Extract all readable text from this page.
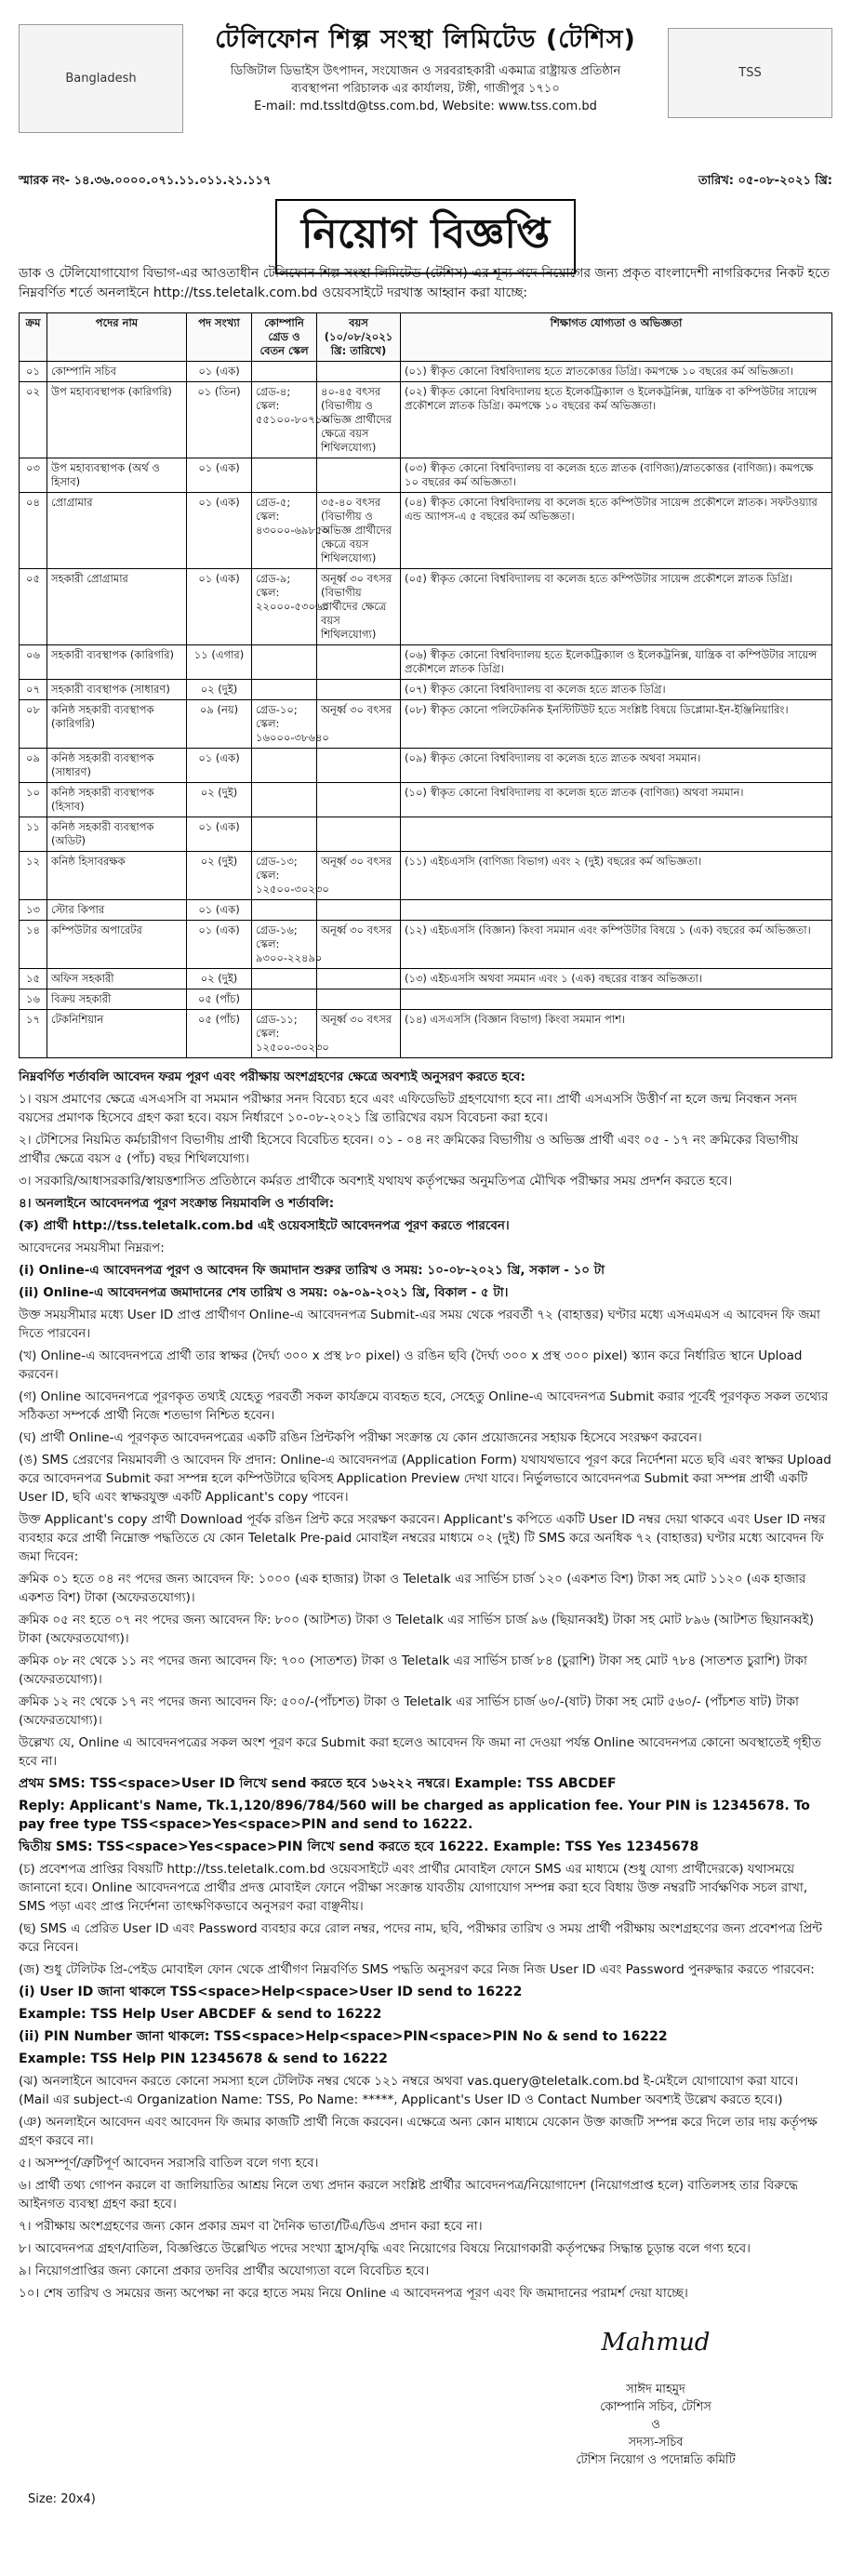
Bangladesh
টেলিফোন শিল্প সংস্থা লিমিটেড (টেশিস)
ডিজিটাল ডিভাইস উৎপাদন, সংযোজন ও সরবরাহকারী একমাত্র রাষ্ট্রায়ত্ত প্রতিষ্ঠান
ব্যবস্থাপনা পরিচালক এর কার্যালয়, টঙ্গী, গাজীপুর ১৭১০
E-mail: md.tssltd@tss.com.bd, Website: www.tss.com.bd
TSS
স্মারক নং- ১৪.৩৬.০০০০.০৭১.১১.০১১.২১.১১৭	তারিখ: ০৫-০৮-২০২১ খ্রি:
নিয়োগ বিজ্ঞপ্তি
ডাক ও টেলিযোগাযোগ বিভাগ-এর আওতাধীন টেলিফোন শিল্প সংস্থা লিমিটেড (টেশিস) এর শূন্য পদে নিয়োগের জন্য প্রকৃত বাংলাদেশী নাগরিকদের নিকট হতে নিম্নবর্ণিত শর্তে অনলাইনে http://tss.teletalk.com.bd ওয়েবসাইটে দরখাস্ত আহ্বান করা যাচ্ছে:
ক্রম	পদের নাম	পদ সংখ্যা	কোম্পানি গ্রেড ও বেতন স্কেল	বয়স (১০/০৮/২০২১ খ্রি: তারিখে)	শিক্ষাগত যোগ্যতা ও অভিজ্ঞতা
০১	কোম্পানি সচিব	০১ (এক)			(০১) স্বীকৃত কোনো বিশ্ববিদ্যালয় হতে স্নাতকোত্তর ডিগ্রি। কমপক্ষে ১০ বছরের কর্ম অভিজ্ঞতা।
০২	উপ মহাব্যবস্থাপক (কারিগরি)	০১ (তিন)	গ্রেড-৪; স্কেল: ৫৫১০০-৮০৭১০	৪০-৪৫ বৎসর (বিভাগীয় ও অভিজ্ঞ প্রার্থীদের ক্ষেত্রে বয়স শিথিলযোগ্য)	(০২) স্বীকৃত কোনো বিশ্ববিদ্যালয় হতে ইলেকট্রিক্যাল ও ইলেকট্রনিক্স, যান্ত্রিক বা কম্পিউটার সায়েন্স প্রকৌশলে স্নাতক ডিগ্রি। কমপক্ষে ১০ বছরের কর্ম অভিজ্ঞতা।
০৩	উপ মহাব্যবস্থাপক (অর্থ ও হিসাব)	০১ (এক)			(০৩) স্বীকৃত কোনো বিশ্ববিদ্যালয় বা কলেজ হতে স্নাতক (বাণিজ্য)/স্নাতকোত্তর (বাণিজ্য)। কমপক্ষে ১০ বছরের কর্ম অভিজ্ঞতা।
০৪	প্রোগ্রামার	০১ (এক)	গ্রেড-৫; স্কেল: ৪৩০০০-৬৯৮৫০	৩৫-৪০ বৎসর (বিভাগীয় ও অভিজ্ঞ প্রার্থীদের ক্ষেত্রে বয়স শিথিলযোগ্য)	(০৪) স্বীকৃত কোনো বিশ্ববিদ্যালয় বা কলেজ হতে কম্পিউটার সায়েন্স প্রকৌশলে স্নাতক। সফটওয়্যার এন্ড অ্যাপস-এ ৫ বছরের কর্ম অভিজ্ঞতা।
০৫	সহকারী প্রোগ্রামার	০১ (এক)	গ্রেড-৯; স্কেল: ২২০০০-৫৩০৬০	অনূর্ধ্ব ৩০ বৎসর (বিভাগীয় প্রার্থীদের ক্ষেত্রে বয়স শিথিলযোগ্য)	(০৫) স্বীকৃত কোনো বিশ্ববিদ্যালয় বা কলেজ হতে কম্পিউটার সায়েন্স প্রকৌশলে স্নাতক ডিগ্রি।
০৬	সহকারী ব্যবস্থাপক (কারিগরি)	১১ (এগার)			(০৬) স্বীকৃত কোনো বিশ্ববিদ্যালয় হতে ইলেকট্রিক্যাল ও ইলেকট্রনিক্স, যান্ত্রিক বা কম্পিউটার সায়েন্স প্রকৌশলে স্নাতক ডিগ্রি।
০৭	সহকারী ব্যবস্থাপক (সাধারণ)	০২ (দুই)			(০৭) স্বীকৃত কোনো বিশ্ববিদ্যালয় বা কলেজ হতে স্নাতক ডিগ্রি।
০৮	কনিষ্ঠ সহকারী ব্যবস্থাপক (কারিগরি)	০৯ (নয়)	গ্রেড-১০; স্কেল: ১৬০০০-৩৮৬৪০	অনূর্ধ্ব ৩০ বৎসর	(০৮) স্বীকৃত কোনো পলিটেকনিক ইনস্টিটিউট হতে সংশ্লিষ্ট বিষয়ে ডিপ্লোমা-ইন-ইঞ্জিনিয়ারিং।
০৯	কনিষ্ঠ সহকারী ব্যবস্থাপক (সাধারণ)	০১ (এক)			(০৯) স্বীকৃত কোনো বিশ্ববিদ্যালয় বা কলেজ হতে স্নাতক অথবা সমমান।
১০	কনিষ্ঠ সহকারী ব্যবস্থাপক (হিসাব)	০২ (দুই)			(১০) স্বীকৃত কোনো বিশ্ববিদ্যালয় বা কলেজ হতে স্নাতক (বাণিজ্য) অথবা সমমান।
১১	কনিষ্ঠ সহকারী ব্যবস্থাপক (অডিট)	০১ (এক)			
১২	কনিষ্ঠ হিসাবরক্ষক	০২ (দুই)	গ্রেড-১৩; স্কেল: ১২৫০০-৩০২৩০	অনূর্ধ্ব ৩০ বৎসর	(১১) এইচএসসি (বাণিজ্য বিভাগ) এবং ২ (দুই) বছরের কর্ম অভিজ্ঞতা।
১৩	স্টোর কিপার	০১ (এক)			
১৪	কম্পিউটার অপারেটর	০১ (এক)	গ্রেড-১৬; স্কেল: ৯৩০০-২২৪৯০	অনূর্ধ্ব ৩০ বৎসর	(১২) এইচএসসি (বিজ্ঞান) কিংবা সমমান এবং কম্পিউটার বিষয়ে ১ (এক) বছরের কর্ম অভিজ্ঞতা।
১৫	অফিস সহকারী	০২ (দুই)			(১৩) এইচএসসি অথবা সমমান এবং ১ (এক) বছরের বাস্তব অভিজ্ঞতা।
১৬	বিক্রয় সহকারী	০৫ (পাঁচ)			
১৭	টেকনিশিয়ান	০৫ (পাঁচ)	গ্রেড-১১; স্কেল: ১২৫০০-৩০২৩০	অনূর্ধ্ব ৩০ বৎসর	(১৪) এসএসসি (বিজ্ঞান বিভাগ) কিংবা সমমান পাশ।

নিম্নবর্ণিত শর্তাবলি আবেদন ফরম পূরণ এবং পরীক্ষায় অংশগ্রহণের ক্ষেত্রে অবশ্যই অনুসরণ করতে হবে:

১। বয়স প্রমাণের ক্ষেত্রে এসএসসি বা সমমান পরীক্ষার সনদ বিবেচ্য হবে এবং এফিডেভিট গ্রহণযোগ্য হবে না। প্রার্থী এসএসসি উত্তীর্ণ না হলে জন্ম নিবন্ধন সনদ বয়সের প্রমাণক হিসেবে গ্রহণ করা হবে। বয়স নির্ধারণে ১০-০৮-২০২১ খ্রি তারিখের বয়স বিবেচনা করা হবে।

২। টেশিসের নিয়মিত কর্মচারীগণ বিভাগীয় প্রার্থী হিসেবে বিবেচিত হবেন। ০১ - ০৪ নং ক্রমিকের বিভাগীয় ও অভিজ্ঞ প্রার্থী এবং ০৫ - ১৭ নং ক্রমিকের বিভাগীয় প্রার্থীর ক্ষেত্রে বয়স ৫ (পাঁচ) বছর শিথিলযোগ্য।

৩। সরকারি/আধাসরকারি/স্বায়ত্তশাসিত প্রতিষ্ঠানে কর্মরত প্রার্থীকে অবশ্যই যথাযথ কর্তৃপক্ষের অনুমতিপত্র মৌখিক পরীক্ষার সময় প্রদর্শন করতে হবে।

৪। অনলাইনে আবেদনপত্র পূরণ সংক্রান্ত নিয়মাবলি ও শর্তাবলি:

(ক) প্রার্থী http://tss.teletalk.com.bd এই ওয়েবসাইটে আবেদনপত্র পূরণ করতে পারবেন।

আবেদনের সময়সীমা নিম্নরূপ:

(i) Online-এ আবেদনপত্র পূরণ ও আবেদন ফি জমাদান শুরুর তারিখ ও সময়: ১০-০৮-২০২১ খ্রি, সকাল - ১০ টা

(ii) Online-এ আবেদনপত্র জমাদানের শেষ তারিখ ও সময়: ০৯-০৯-২০২১ খ্রি, বিকাল - ৫ টা।

উক্ত সময়সীমার মধ্যে User ID প্রাপ্ত প্রার্থীগণ Online-এ আবেদনপত্র Submit-এর সময় থেকে পরবর্তী ৭২ (বাহাত্তর) ঘণ্টার মধ্যে এসএমএস এ আবেদন ফি জমা দিতে পারবেন।

(খ) Online-এ আবেদনপত্রে প্রার্থী তার স্বাক্ষর (দৈর্ঘ্য ৩০০ x প্রস্থ ৮০ pixel) ও রঙিন ছবি (দৈর্ঘ্য ৩০০ x প্রস্থ ৩০০ pixel) স্ক্যান করে নির্ধারিত স্থানে Upload করবেন।

(গ) Online আবেদনপত্রে পূরণকৃত তথ্যই যেহেতু পরবর্তী সকল কার্যক্রমে ব্যবহৃত হবে, সেহেতু Online-এ আবেদনপত্র Submit করার পূর্বেই পূরণকৃত সকল তথ্যের সঠিকতা সম্পর্কে প্রার্থী নিজে শতভাগ নিশ্চিত হবেন।

(ঘ) প্রার্থী Online-এ পূরণকৃত আবেদনপত্রের একটি রঙিন প্রিন্টকপি পরীক্ষা সংক্রান্ত যে কোন প্রয়োজনের সহায়ক হিসেবে সংরক্ষণ করবেন।

(ঙ) SMS প্রেরণের নিয়মাবলী ও আবেদন ফি প্রদান: Online-এ আবেদনপত্র (Application Form) যথাযথভাবে পূরণ করে নির্দেশনা মতে ছবি এবং স্বাক্ষর Upload করে আবেদনপত্র Submit করা সম্পন্ন হলে কম্পিউটারে ছবিসহ Application Preview দেখা যাবে। নির্ভুলভাবে আবেদনপত্র Submit করা সম্পন্ন প্রার্থী একটি User ID, ছবি এবং স্বাক্ষরযুক্ত একটি Applicant's copy পাবেন।

উক্ত Applicant's copy প্রার্থী Download পূর্বক রঙিন প্রিন্ট করে সংরক্ষণ করবেন। Applicant's কপিতে একটি User ID নম্বর দেয়া থাকবে এবং User ID নম্বর ব্যবহার করে প্রার্থী নিম্নোক্ত পদ্ধতিতে যে কোন Teletalk Pre-paid মোবাইল নম্বরের মাধ্যমে ০২ (দুই) টি SMS করে অনধিক ৭২ (বাহাত্তর) ঘণ্টার মধ্যে আবেদন ফি জমা দিবেন:

ক্রমিক ০১ হতে ০৪ নং পদের জন্য আবেদন ফি: ১০০০ (এক হাজার) টাকা ও Teletalk এর সার্ভিস চার্জ ১২০ (একশত বিশ) টাকা সহ মোট ১১২০ (এক হাজার একশত বিশ) টাকা (অফেরতযোগ্য)।

ক্রমিক ০৫ নং হতে ০৭ নং পদের জন্য আবেদন ফি: ৮০০ (আটশত) টাকা ও Teletalk এর সার্ভিস চার্জ ৯৬ (ছিয়ানব্বই) টাকা সহ মোট ৮৯৬ (আটশত ছিয়ানব্বই) টাকা (অফেরতযোগ্য)।

ক্রমিক ০৮ নং থেকে ১১ নং পদের জন্য আবেদন ফি: ৭০০ (সাতশত) টাকা ও Teletalk এর সার্ভিস চার্জ ৮৪ (চুরাশি) টাকা সহ মোট ৭৮৪ (সাতশত চুরাশি) টাকা (অফেরতযোগ্য)।

ক্রমিক ১২ নং থেকে ১৭ নং পদের জন্য আবেদন ফি: ৫০০/-(পাঁচশত) টাকা ও Teletalk এর সার্ভিস চার্জ ৬০/-(ষাট) টাকা সহ মোট ৫৬০/- (পাঁচশত ষাট) টাকা (অফেরতযোগ্য)।

উল্লেখ্য যে, Online এ আবেদনপত্রের সকল অংশ পূরণ করে Submit করা হলেও আবেদন ফি জমা না দেওয়া পর্যন্ত Online আবেদনপত্র কোনো অবস্থাতেই গৃহীত হবে না।

প্রথম SMS: TSS<space>User ID লিখে send করতে হবে ১৬২২২ নম্বরে। Example: TSS ABCDEF

Reply: Applicant's Name, Tk.1,120/896/784/560 will be charged as application fee. Your PIN is 12345678. To pay free type TSS<space>Yes<space>PIN and send to 16222.

দ্বিতীয় SMS: TSS<space>Yes<space>PIN লিখে send করতে হবে 16222. Example: TSS Yes 12345678

(চ) প্রবেশপত্র প্রাপ্তির বিষয়টি http://tss.teletalk.com.bd ওয়েবসাইটে এবং প্রার্থীর মোবাইল ফোনে SMS এর মাধ্যমে (শুধু যোগ্য প্রার্থীদেরকে) যথাসময়ে জানানো হবে। Online আবেদনপত্রে প্রার্থীর প্রদত্ত মোবাইল ফোনে পরীক্ষা সংক্রান্ত যাবতীয় যোগাযোগ সম্পন্ন করা হবে বিধায় উক্ত নম্বরটি সার্বক্ষণিক সচল রাখা, SMS পড়া এবং প্রাপ্ত নির্দেশনা তাৎক্ষণিকভাবে অনুসরণ করা বাঞ্ছনীয়।

(ছ) SMS এ প্রেরিত User ID এবং Password ব্যবহার করে রোল নম্বর, পদের নাম, ছবি, পরীক্ষার তারিখ ও সময় প্রার্থী পরীক্ষায় অংশগ্রহণের জন্য প্রবেশপত্র প্রিন্ট করে নিবেন।

(জ) শুধু টেলিটক প্রি-পেইড মোবাইল ফোন থেকে প্রার্থীগণ নিম্নবর্ণিত SMS পদ্ধতি অনুসরণ করে নিজ নিজ User ID এবং Password পুনরুদ্ধার করতে পারবেন:

(i) User ID জানা থাকলে TSS<space>Help<space>User ID send to 16222

Example: TSS Help User ABCDEF & send to 16222

(ii) PIN Number জানা থাকলে: TSS<space>Help<space>PIN<space>PIN No & send to 16222

Example: TSS Help PIN 12345678 & send to 16222

(ঝ) অনলাইনে আবেদন করতে কোনো সমস্যা হলে টেলিটক নম্বর থেকে ১২১ নম্বরে অথবা vas.query@teletalk.com.bd ই-মেইলে যোগাযোগ করা যাবে। (Mail এর subject-এ Organization Name: TSS, Po Name: *****, Applicant's User ID ও Contact Number অবশ্যই উল্লেখ করতে হবে।)

(ঞ) অনলাইনে আবেদন এবং আবেদন ফি জমার কাজটি প্রার্থী নিজে করবেন। এক্ষেত্রে অন্য কোন মাধ্যমে যেকোন উক্ত কাজটি সম্পন্ন করে দিলে তার দায় কর্তৃপক্ষ গ্রহণ করবে না।

৫। অসম্পূর্ণ/ত্রুটিপূর্ণ আবেদন সরাসরি বাতিল বলে গণ্য হবে।

৬। প্রার্থী তথ্য গোপন করলে বা জালিয়াতির আশ্রয় নিলে তথ্য প্রদান করলে সংশ্লিষ্ট প্রার্থীর আবেদনপত্র/নিয়োগাদেশ (নিয়োগপ্রাপ্ত হলে) বাতিলসহ তার বিরুদ্ধে আইনগত ব্যবস্থা গ্রহণ করা হবে।

৭। পরীক্ষায় অংশগ্রহণের জন্য কোন প্রকার ভ্রমণ বা দৈনিক ভাতা/টিএ/ডিএ প্রদান করা হবে না।

৮। আবেদনপত্র গ্রহণ/বাতিল, বিজ্ঞপ্তিতে উল্লেখিত পদের সংখ্যা হ্রাস/বৃদ্ধি এবং নিয়োগের বিষয়ে নিয়োগকারী কর্তৃপক্ষের সিদ্ধান্ত চূড়ান্ত বলে গণ্য হবে।

৯। নিয়োগপ্রাপ্তির জন্য কোনো প্রকার তদবির প্রার্থীর অযোগ্যতা বলে বিবেচিত হবে।

১০। শেষ তারিখ ও সময়ের জন্য অপেক্ষা না করে হাতে সময় নিয়ে Online এ আবেদনপত্র পূরণ এবং ফি জমাদানের পরামর্শ দেয়া যাচ্ছে।

Mahmud
সাঈদ মাহমুদ
কোম্পানি সচিব, টেশিস
ও
সদস্য-সচিব
টেশিস নিয়োগ ও পদোন্নতি কমিটি
Size: 20x4)
